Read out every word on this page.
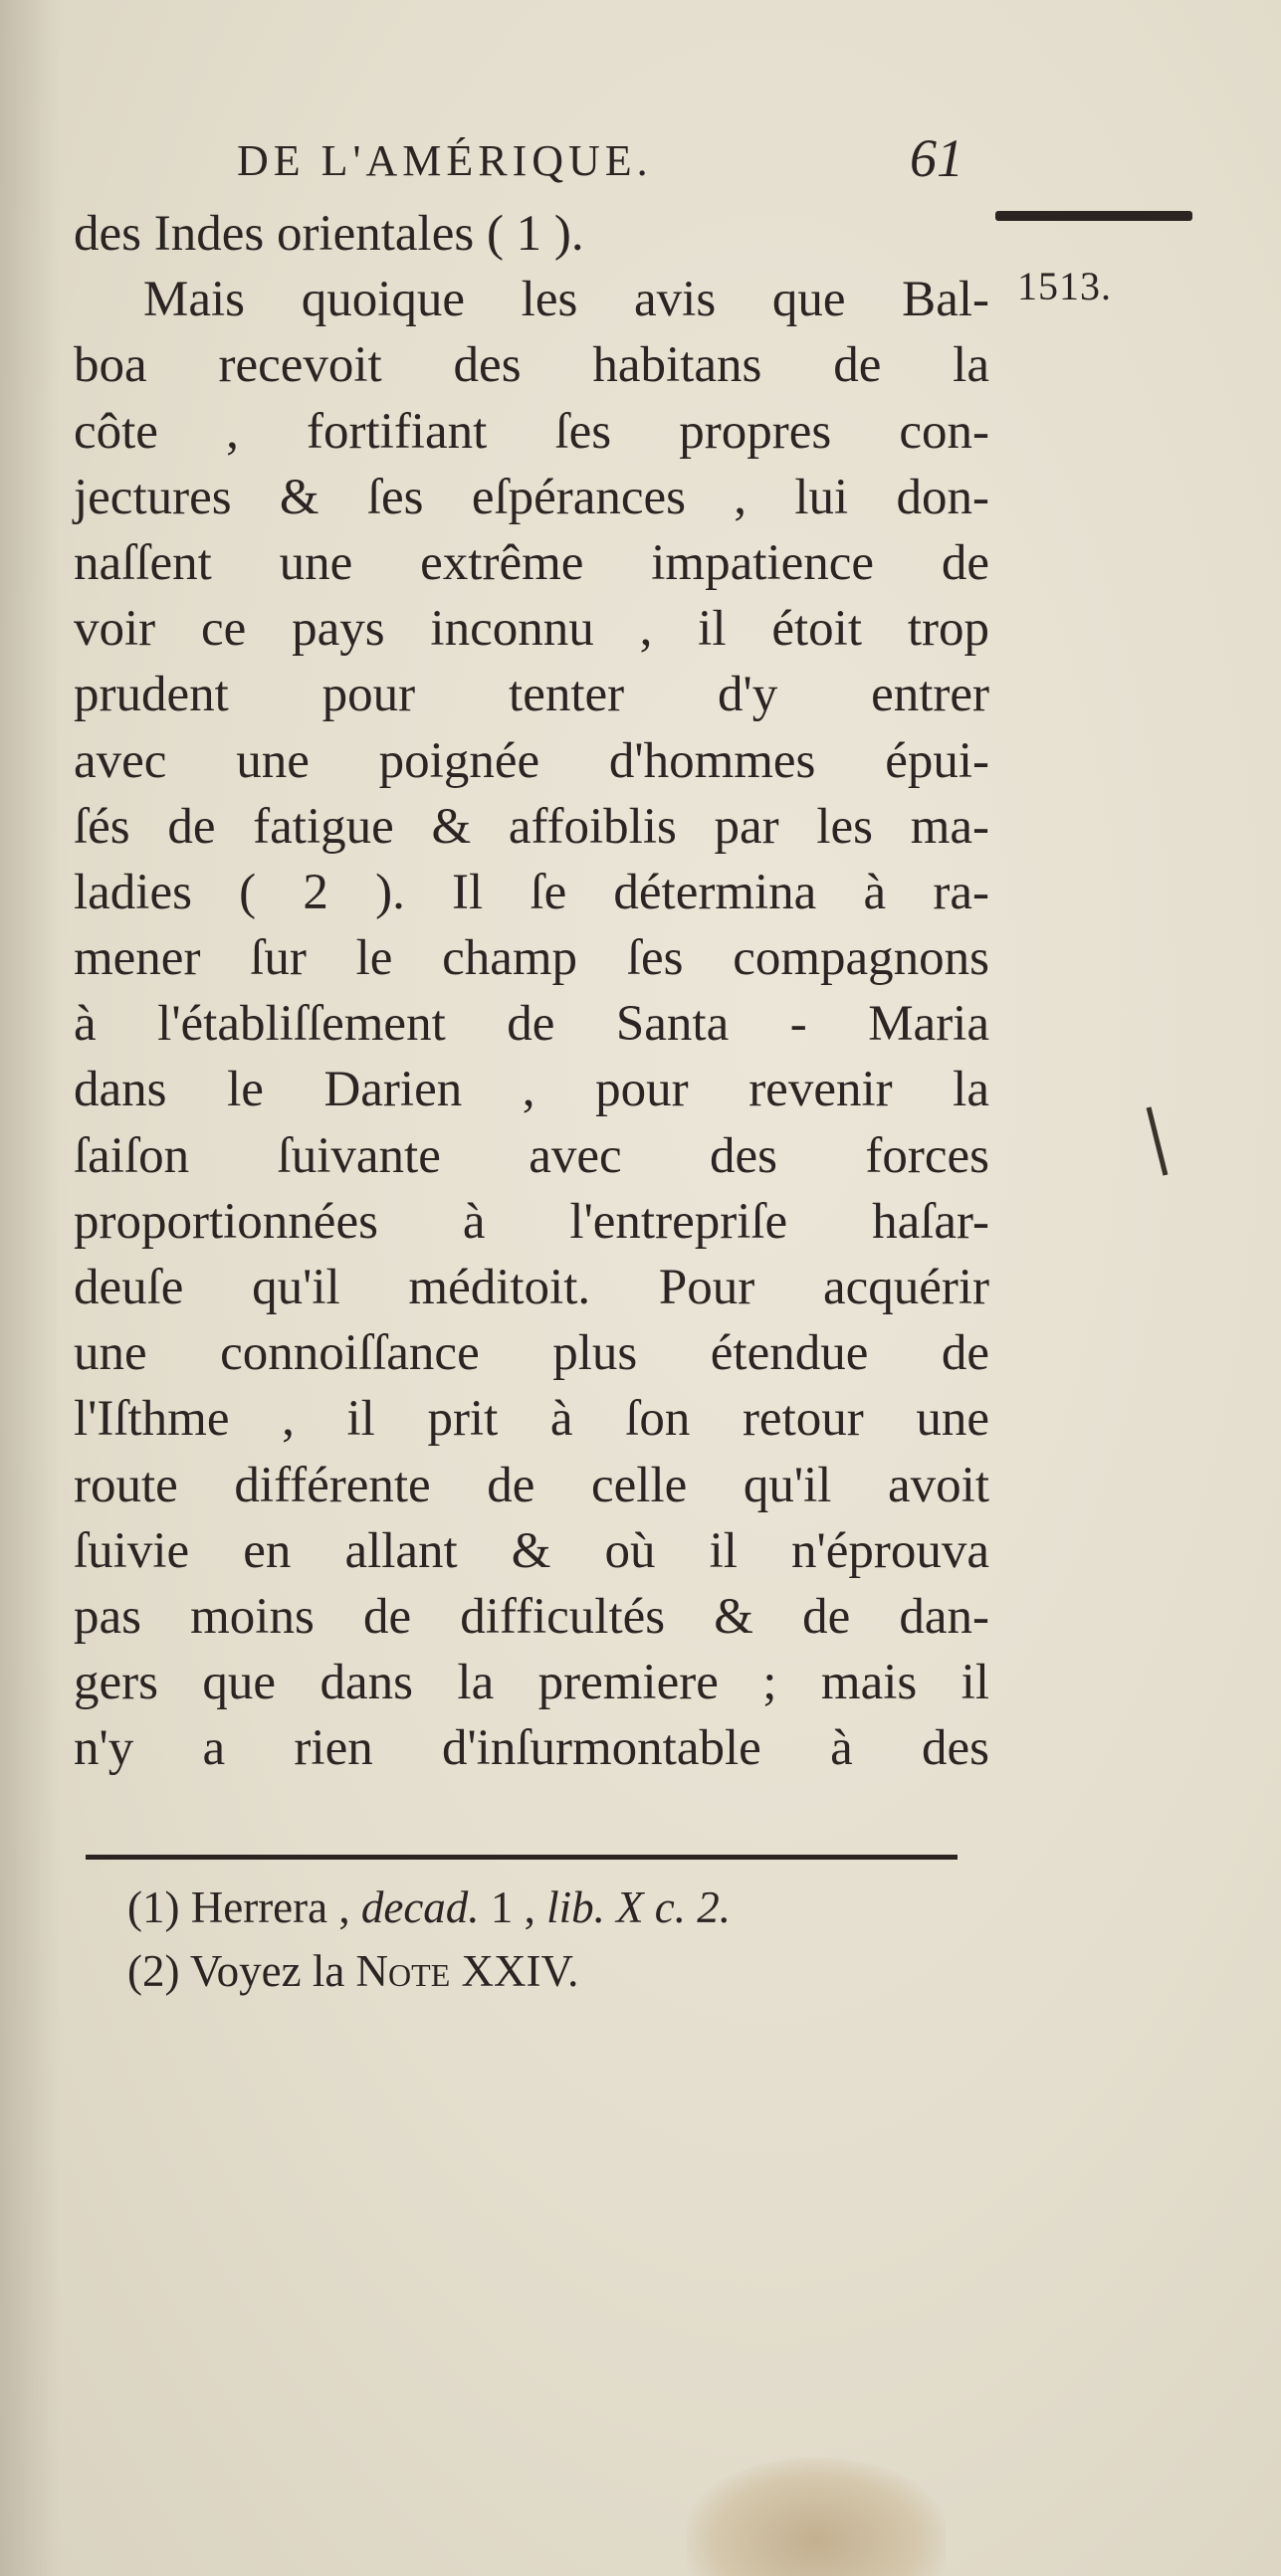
DE L'AMÉRIQUE.	61
1513.
des Indes orientales ( 1 ).
Mais quoique les avis que Bal-
boa recevoit des habitans de la
côte , fortifiant ſes propres con-
jectures & ſes eſpérances , lui don-
naſſent une extrême impatience de
voir ce pays inconnu , il étoit trop
prudent pour tenter d'y entrer
avec une poignée d'hommes épui-
ſés de fatigue & affoiblis par les ma-
ladies ( 2 ). Il ſe détermina à ra-
mener ſur le champ ſes compagnons
à l'établiſſement de Santa - Maria
dans le Darien , pour revenir la
ſaiſon ſuivante avec des forces
proportionnées à l'entrepriſe haſar-
deuſe qu'il méditoit. Pour acquérir
une connoiſſance plus étendue de
l'Iſthme , il prit à ſon retour une
route différente de celle qu'il avoit
ſuivie en allant & où il n'éprouva
pas moins de difficultés & de dan-
gers que dans la premiere ; mais il
n'y a rien d'inſurmontable à des
(1) Herrera , decad. 1 , lib. X c. 2.
(2) Voyez la Note XXIV.
